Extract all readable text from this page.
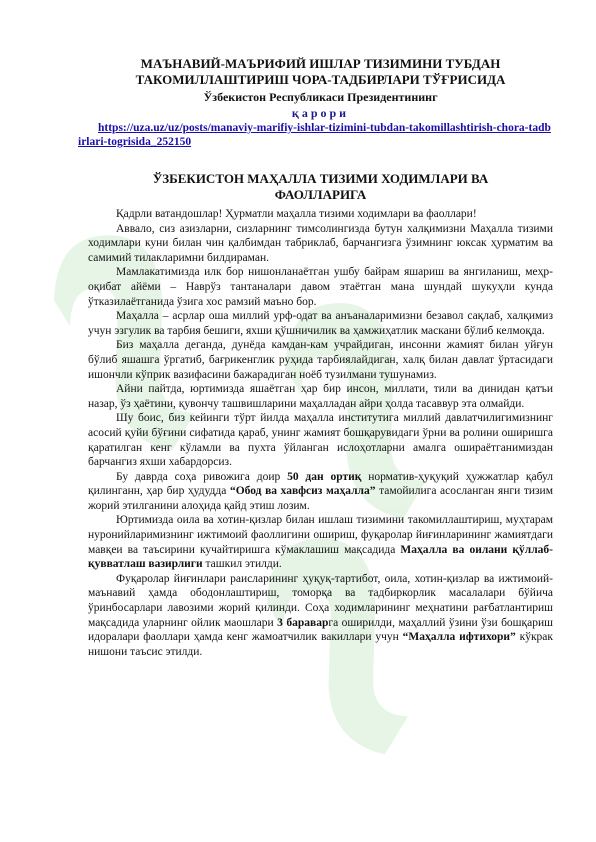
МАЪНАВИЙ-МАЪРИФИЙ ИШЛАР ТИЗИМИНИ ТУБДАН
ТАКОМИЛЛАШТИРИШ ЧОРА-ТАДБИРЛАРИ ТЎҒРИСИДА

Ўзбекистон Республикаси Президентининг

қарори

https://uza.uz/uz/posts/manaviy-marifiy-ishlar-tizimini-tubdan-takomillashtirish-chora-tadbirlari-togrisida_252150

ЎЗБЕКИСТОН МАҲАЛЛА ТИЗИМИ ХОДИМЛАРИ ВА
ФАОЛЛАРИГА

Қадрли ватандошлар! Ҳурматли маҳалла тизими ходимлари ва фаоллари!

Аввало, сиз азизларни, сизларнинг тимсолингизда бутун халқимизни Маҳалла тизими ходимлари куни билан чин қалбимдан табриклаб, барчангизга ўзимнинг юксак ҳурматим ва самимий тилакларимни билдираман.

Мамлакатимизда илк бор нишонланаётган ушбу байрам яшариш ва янгиланиш, меҳр-оқибат айёми – Наврўз тантаналари давом этаётган мана шундай шукуҳли кунда ўтказилаётганида ўзига хос рамзий маъно бор.

Маҳалла – асрлар оша миллий урф-одат ва анъаналаримизни безавол сақлаб, халқимиз учун эзгулик ва тарбия бешиги, яхши қўшничилик ва ҳамжиҳатлик маскани бўлиб келмоқда.

Биз маҳалла деганда, дунёда камдан-кам учрайдиган, инсонни жамият билан уйғун бўлиб яшашга ўргатиб, бағрикенглик руҳида тарбиялайдиган, халқ билан давлат ўртасидаги ишончли кўприк вазифасини бажарадиган ноёб тузилмани тушунамиз.

Айни пайтда, юртимизда яшаётган ҳар бир инсон, миллати, тили ва динидан қатъи назар, ўз ҳаётини, қувончу ташвишларини маҳалладан айри ҳолда тасаввур эта олмайди.

Шу боис, биз кейинги тўрт йилда маҳалла институтига миллий давлатчилигимизнинг асосий қуйи бўғини сифатида қараб, унинг жамият бошқарувидаги ўрни ва ролини оширишга қаратилган кенг кўламли ва пухта ўйланган ислоҳотларни амалга ошираётганимиздан барчангиз яхши хабардорсиз.

Бу даврда соҳа ривожига доир 50 дан ортиқ норматив-ҳуқуқий ҳужжатлар қабул қилинганн, ҳар бир ҳудудда “Обод ва хавфсиз маҳалла” тамойилига асосланган янги тизим жорий этилганини алоҳида қайд этиш лозим.

Юртимизда оила ва хотин-қизлар билан ишлаш тизимини такомиллаштириш, муҳтарам нуронийларимизнинг ижтимоий фаоллигини ошириш, фуқаролар йиғинларининг жамиятдаги мавқеи ва таъсирини кучайтиришга кўмаклашиш мақсадида Маҳалла ва оилани қўллаб-қувватлаш вазирлиги ташкил этилди.

Фуқаролар йиғинлари раисларининг ҳуқуқ-тартибот, оила, хотин-қизлар ва ижтимоий-маънавий ҳамда ободонлаштириш, томорқа ва тадбиркорлик масалалари бўйича ўринбосарлари лавозими жорий қилинди. Соҳа ходимларининг меҳнатини рағбатлантириш мақсадида уларнинг ойлик маошлари 3 бараварга оширилди, маҳаллий ўзини ўзи бошқариш идоралари фаоллари ҳамда кенг жамоатчилик вакиллари учун “Маҳалла ифтихори” кўкрак нишони таъсис этилди.
